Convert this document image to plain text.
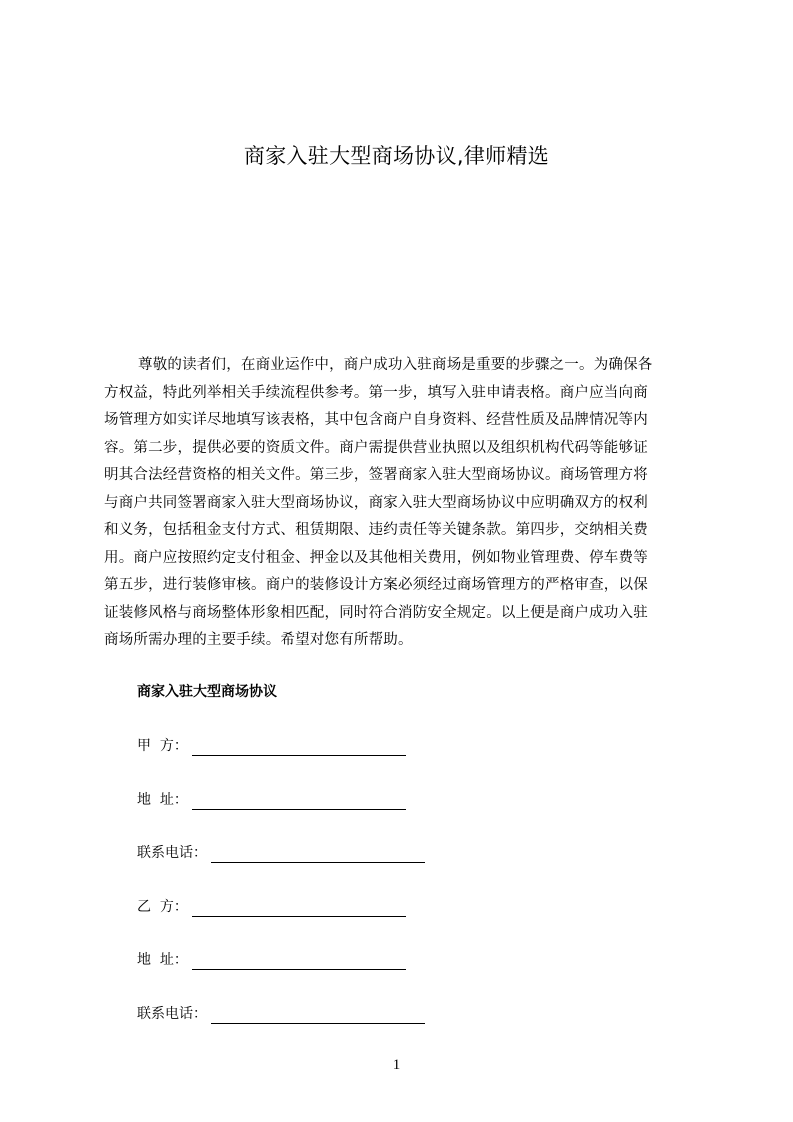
商家入驻大型商场协议,律师精选
尊敬的读者们，在商业运作中，商户成功入驻商场是重要的步骤之一。为确保各
方权益，特此列举相关手续流程供参考。第一步，填写入驻申请表格。商户应当向商
场管理方如实详尽地填写该表格，其中包含商户自身资料、经营性质及品牌情况等内
容。第二步，提供必要的资质文件。商户需提供营业执照以及组织机构代码等能够证
明其合法经营资格的相关文件。第三步，签署商家入驻大型商场协议。商场管理方将
与商户共同签署商家入驻大型商场协议，商家入驻大型商场协议中应明确双方的权利
和义务，包括租金支付方式、租赁期限、违约责任等关键条款。第四步，交纳相关费
用。商户应按照约定支付租金、押金以及其他相关费用，例如物业管理费、停车费等
第五步，进行装修审核。商户的装修设计方案必须经过商场管理方的严格审查，以保
证装修风格与商场整体形象相匹配，同时符合消防安全规定。以上便是商户成功入驻
商场所需办理的主要手续。希望对您有所帮助。
商家入驻大型商场协议
甲  方：
地  址：
联系电话：
乙  方：
地  址：
联系电话：
1
